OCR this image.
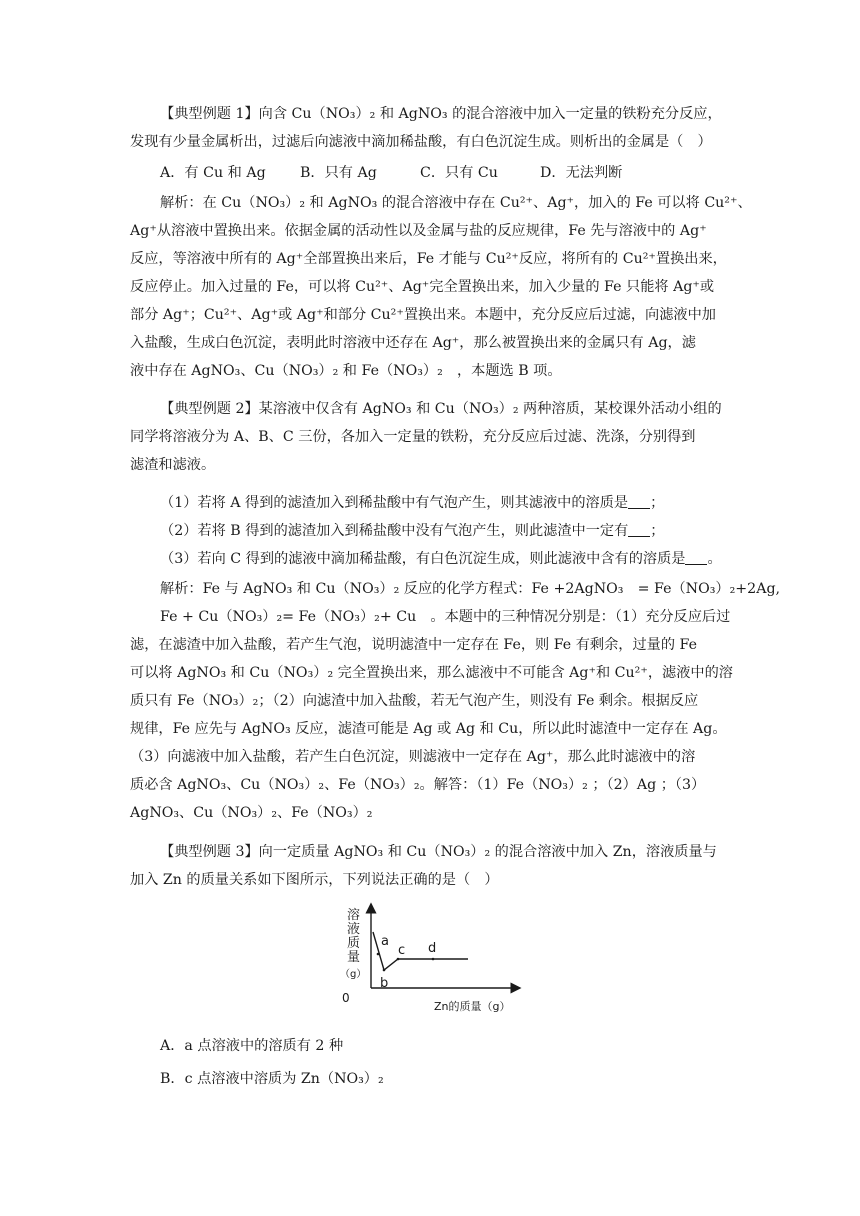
【典型例题 1】向含 Cu（NO₃）₂ 和 AgNO₃ 的混合溶液中加入一定量的铁粉充分反应，
发现有少量金属析出，过滤后向滤液中滴加稀盐酸，有白色沉淀生成。则析出的金属是（　）
A．有 Cu 和 Ag B．只有 Ag	C．只有 Cu	D．无法判断
解析：在 Cu（NO₃）₂ 和 AgNO₃ 的混合溶液中存在 Cu²⁺、Ag⁺，加入的 Fe 可以将 Cu²⁺、
Ag⁺从溶液中置换出来。依据金属的活动性以及金属与盐的反应规律，Fe 先与溶液中的 Ag⁺
反应，等溶液中所有的 Ag⁺全部置换出来后，Fe 才能与 Cu²⁺反应，将所有的 Cu²⁺置换出来，
反应停止。加入过量的 Fe，可以将 Cu²⁺、Ag⁺完全置换出来，加入少量的 Fe 只能将 Ag⁺或
部分 Ag⁺；Cu²⁺、Ag⁺或 Ag⁺和部分 Cu²⁺置换出来。本题中，充分反应后过滤，向滤液中加
入盐酸，生成白色沉淀，表明此时溶液中还存在 Ag⁺，那么被置换出来的金属只有 Ag，滤
液中存在 AgNO₃、Cu（NO₃）₂ 和 Fe（NO₃）₂　，本题选 B 项。
【典型例题 2】某溶液中仅含有 AgNO₃ 和 Cu（NO₃）₂ 两种溶质，某校课外活动小组的
同学将溶液分为 A、B、C 三份，各加入一定量的铁粉，充分反应后过滤、洗涤，分别得到
滤渣和滤液。
（1）若将 A 得到的滤渣加入到稀盐酸中有气泡产生，则其滤液中的溶质是 ；
（2）若将 B 得到的滤渣加入到稀盐酸中没有气泡产生，则此滤渣中一定有 ；
（3）若向 C 得到的滤液中滴加稀盐酸，有白色沉淀生成，则此滤液中含有的溶质是 。
解析：Fe 与 AgNO₃ 和 Cu（NO₃）₂ 反应的化学方程式：Fe +2AgNO₃　= Fe（NO₃）₂+2Ag,
Fe + Cu（NO₃）₂= Fe（NO₃）₂+ Cu　。本题中的三种情况分别是：（1）充分反应后过
滤，在滤渣中加入盐酸，若产生气泡，说明滤渣中一定存在 Fe，则 Fe 有剩余，过量的 Fe
可以将 AgNO₃ 和 Cu（NO₃）₂ 完全置换出来，那么滤液中不可能含 Ag⁺和 Cu²⁺，滤液中的溶
质只有 Fe（NO₃）₂；（2）向滤渣中加入盐酸，若无气泡产生，则没有 Fe 剩余。根据反应
规律，Fe 应先与 AgNO₃ 反应，滤渣可能是 Ag 或 Ag 和 Cu，所以此时滤渣中一定存在 Ag。
（3）向滤液中加入盐酸，若产生白色沉淀，则滤液中一定存在 Ag⁺，那么此时滤液中的溶
质必含 AgNO₃、Cu（NO₃）₂、Fe（NO₃）₂。解答：（1）Fe（NO₃）₂ ；（2）Ag ；（3）
AgNO₃、Cu（NO₃）₂、Fe（NO₃）₂
【典型例题 3】向一定质量 AgNO₃ 和 Cu（NO₃）₂ 的混合溶液中加入 Zn，溶液质量与
加入 Zn 的质量关系如下图所示，下列说法正确的是（　）
溶
液
质
量
（g）
0
a
b
c d
Zn的质量（g）
A．a 点溶液中的溶质有 2 种
B．c 点溶液中溶质为 Zn（NO₃）₂
